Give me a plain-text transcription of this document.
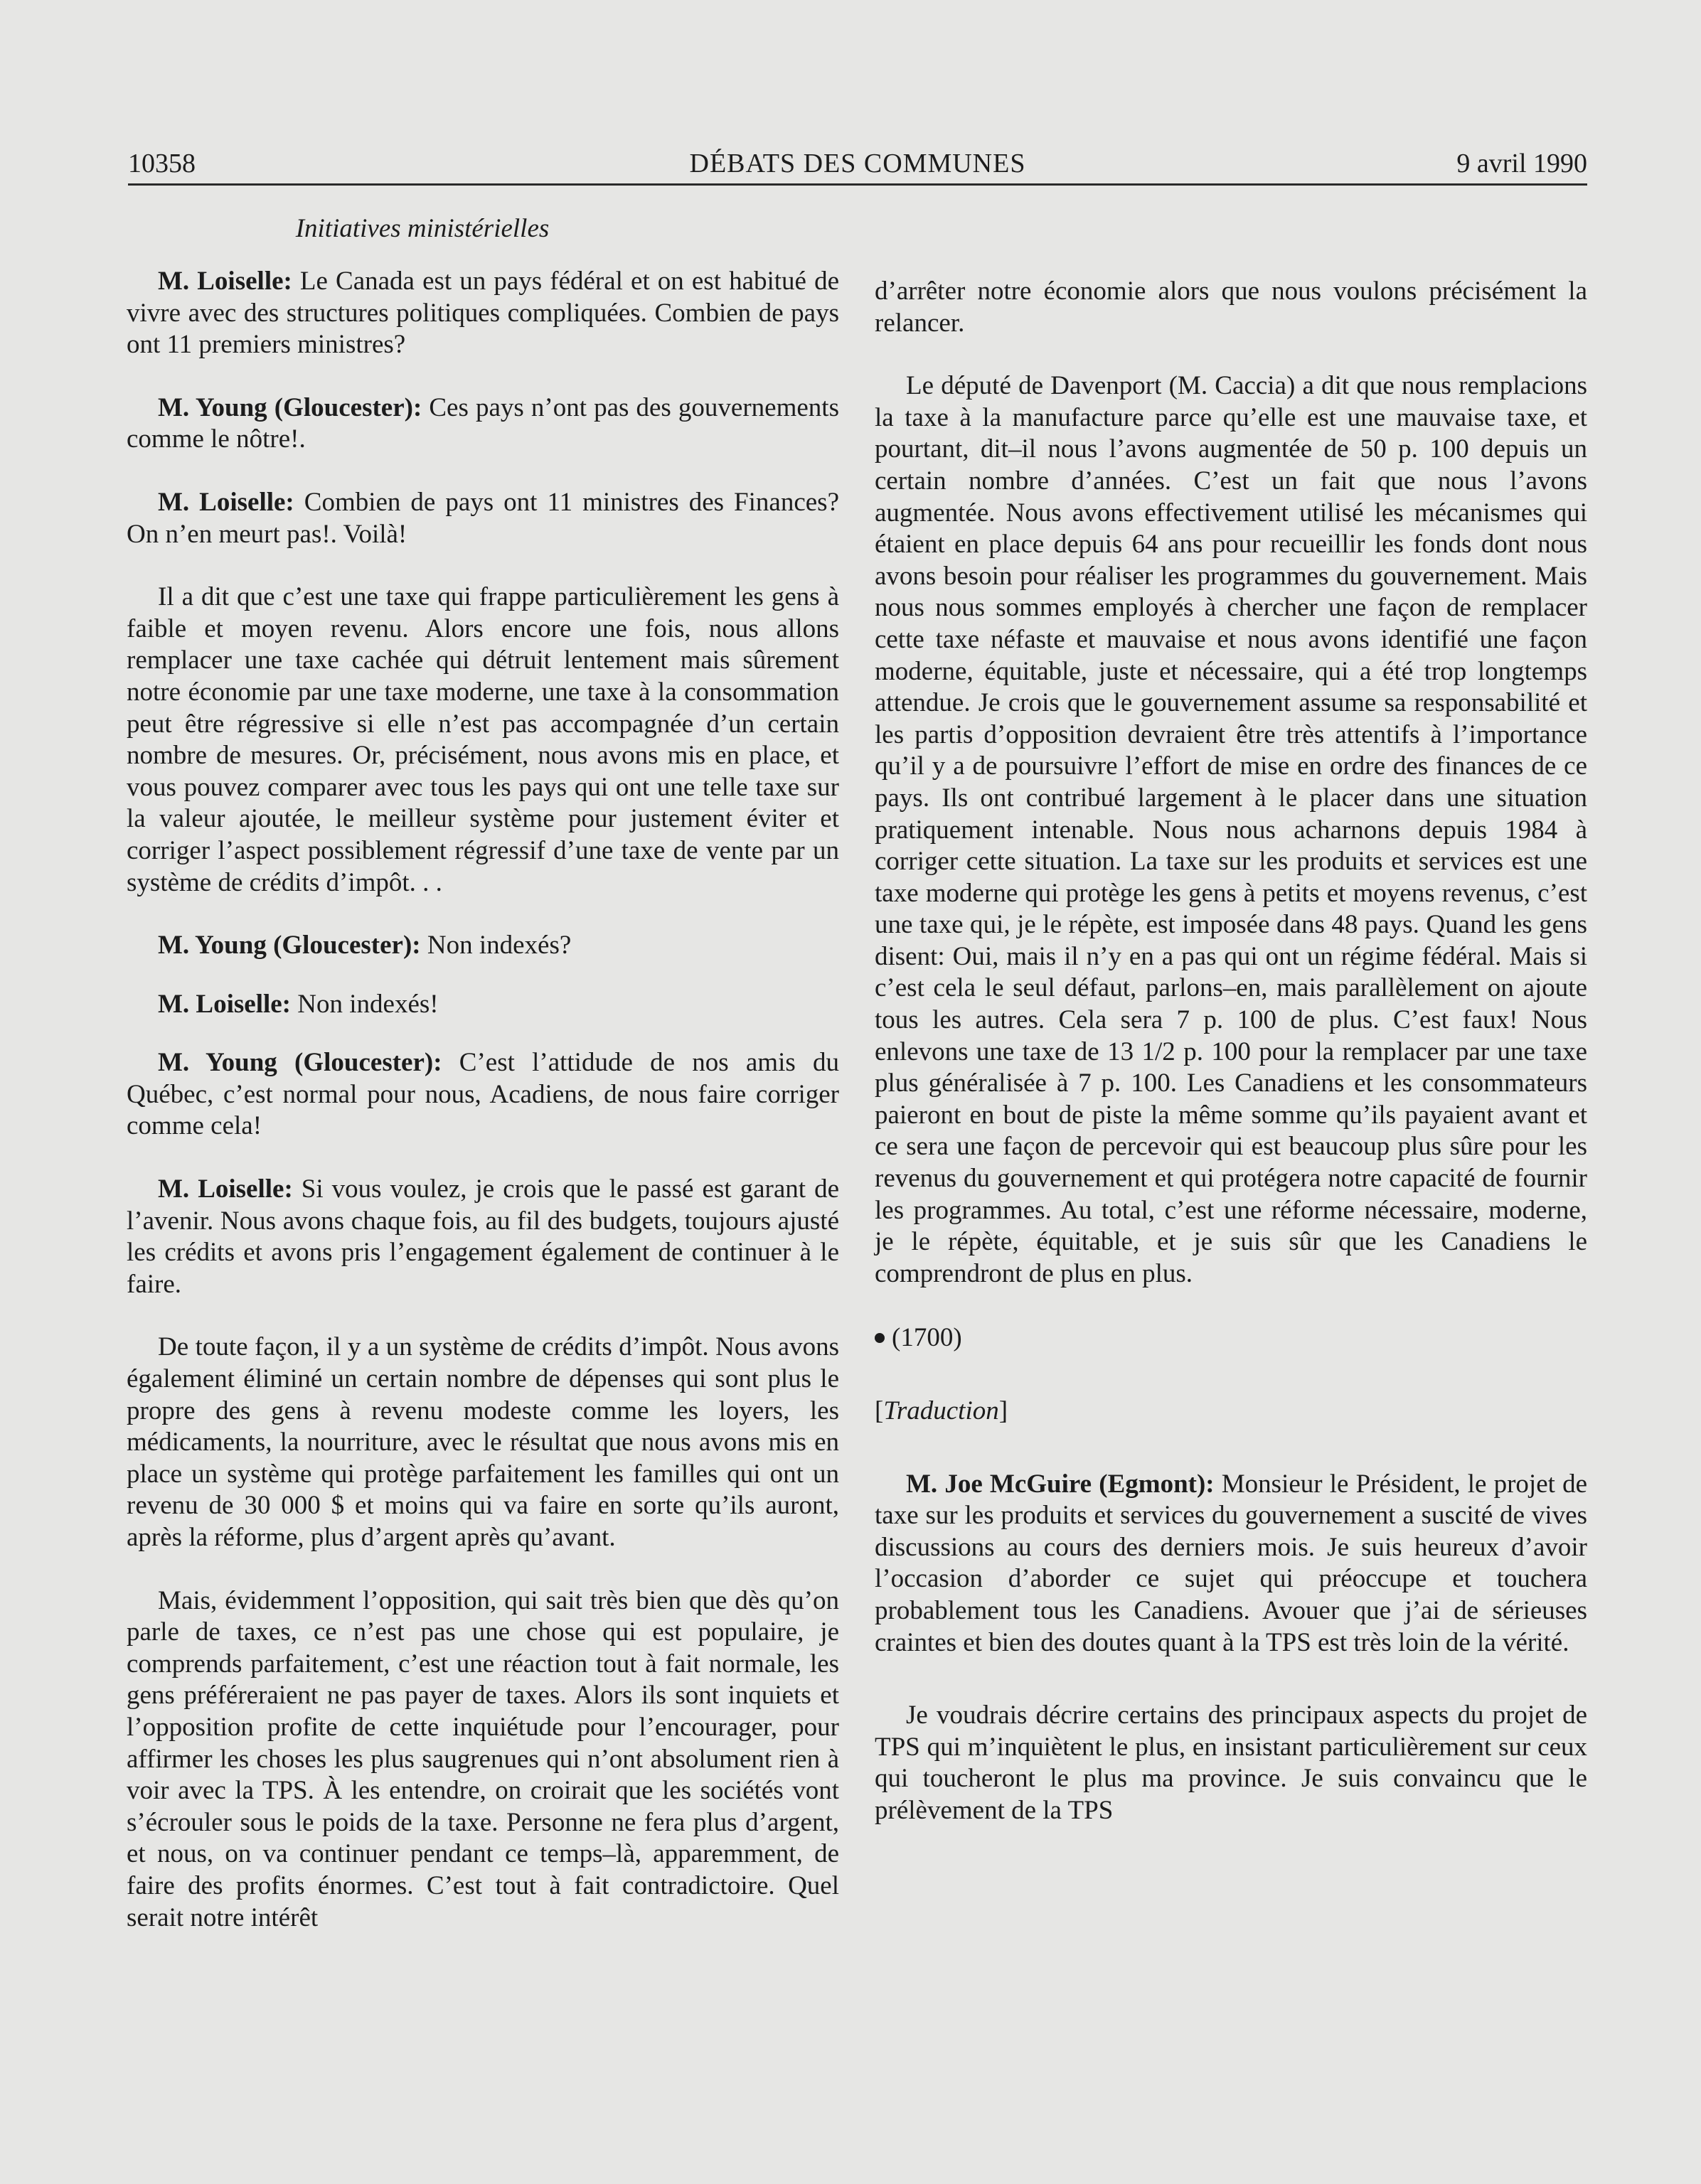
10358	DÉBATS DES COMMUNES	9 avril 1990
Initiatives ministérielles

M. Loiselle: Le Canada est un pays fédéral et on est habitué de vivre avec des structures politiques compliquées. Combien de pays ont 11 premiers ministres?

M. Young (Gloucester): Ces pays n’ont pas des gouvernements comme le nôtre!.

M. Loiselle: Combien de pays ont 11 ministres des Finances? On n’en meurt pas!. Voilà!

Il a dit que c’est une taxe qui frappe particulièrement les gens à faible et moyen revenu. Alors encore une fois, nous allons remplacer une taxe cachée qui détruit lentement mais sûrement notre économie par une taxe moderne, une taxe à la consommation peut être régressive si elle n’est pas accompagnée d’un certain nombre de mesures. Or, précisément, nous avons mis en place, et vous pouvez comparer avec tous les pays qui ont une telle taxe sur la valeur ajoutée, le meilleur système pour justement éviter et corriger l’aspect possiblement régressif d’une taxe de vente par un système de crédits d’impôt. . .

M. Young (Gloucester): Non indexés?

M. Loiselle: Non indexés!

M. Young (Gloucester): C’est l’attidude de nos amis du Québec, c’est normal pour nous, Acadiens, de nous faire corriger comme cela!

M. Loiselle: Si vous voulez, je crois que le passé est garant de l’avenir. Nous avons chaque fois, au fil des budgets, toujours ajusté les crédits et avons pris l’engagement également de continuer à le faire.

De toute façon, il y a un système de crédits d’impôt. Nous avons également éliminé un certain nombre de dépenses qui sont plus le propre des gens à revenu modeste comme les loyers, les médicaments, la nourriture, avec le résultat que nous avons mis en place un système qui protège parfaitement les familles qui ont un revenu de 30 000 $ et moins qui va faire en sorte qu’ils auront, après la réforme, plus d’argent après qu’avant.

Mais, évidemment l’opposition, qui sait très bien que dès qu’on parle de taxes, ce n’est pas une chose qui est populaire, je comprends parfaitement, c’est une réaction tout à fait normale, les gens préféreraient ne pas payer de taxes. Alors ils sont inquiets et l’opposition profite de cette inquiétude pour l’encourager, pour affirmer les choses les plus saugrenues qui n’ont absolument rien à voir avec la TPS. À les entendre, on croirait que les sociétés vont s’écrouler sous le poids de la taxe. Personne ne fera plus d’argent, et nous, on va continuer pendant ce temps–là, apparemment, de faire des profits énormes. C’est tout à fait contradictoire. Quel serait notre intérêt

d’arrêter notre économie alors que nous voulons précisément la relancer.

Le député de Davenport (M. Caccia) a dit que nous remplacions la taxe à la manufacture parce qu’elle est une mauvaise taxe, et pourtant, dit–il nous l’avons augmentée de 50 p. 100 depuis un certain nombre d’années. C’est un fait que nous l’avons augmentée. Nous avons effectivement utilisé les mécanismes qui étaient en place depuis 64 ans pour recueillir les fonds dont nous avons besoin pour réaliser les programmes du gouvernement. Mais nous nous sommes employés à chercher une façon de remplacer cette taxe néfaste et mauvaise et nous avons identifié une façon moderne, équitable, juste et nécessaire, qui a été trop longtemps attendue. Je crois que le gouvernement assume sa responsabilité et les partis d’opposition devraient être très attentifs à l’importance qu’il y a de poursuivre l’effort de mise en ordre des finances de ce pays. Ils ont contribué largement à le placer dans une situation pratiquement intenable. Nous nous acharnons depuis 1984 à corriger cette situation. La taxe sur les produits et services est une taxe moderne qui protège les gens à petits et moyens revenus, c’est une taxe qui, je le répète, est imposée dans 48 pays. Quand les gens disent: Oui, mais il n’y en a pas qui ont un régime fédéral. Mais si c’est cela le seul défaut, parlons–en, mais parallèlement on ajoute tous les autres. Cela sera 7 p. 100 de plus. C’est faux! Nous enlevons une taxe de 13 1/2 p. 100 pour la remplacer par une taxe plus généralisée à 7 p. 100. Les Canadiens et les consommateurs paieront en bout de piste la même somme qu’ils payaient avant et ce sera une façon de percevoir qui est beaucoup plus sûre pour les revenus du gouvernement et qui protégera notre capacité de fournir les programmes. Au total, c’est une réforme nécessaire, moderne, je le répète, équitable, et je suis sûr que les Canadiens le comprendront de plus en plus.

(1700)

[Traduction]

M. Joe McGuire (Egmont): Monsieur le Président, le projet de taxe sur les produits et services du gouvernement a suscité de vives discussions au cours des derniers mois. Je suis heureux d’avoir l’occasion d’aborder ce sujet qui préoccupe et touchera probablement tous les Canadiens. Avouer que j’ai de sérieuses craintes et bien des doutes quant à la TPS est très loin de la vérité.

Je voudrais décrire certains des principaux aspects du projet de TPS qui m’inquiètent le plus, en insistant particulièrement sur ceux qui toucheront le plus ma province. Je suis convaincu que le prélèvement de la TPS
